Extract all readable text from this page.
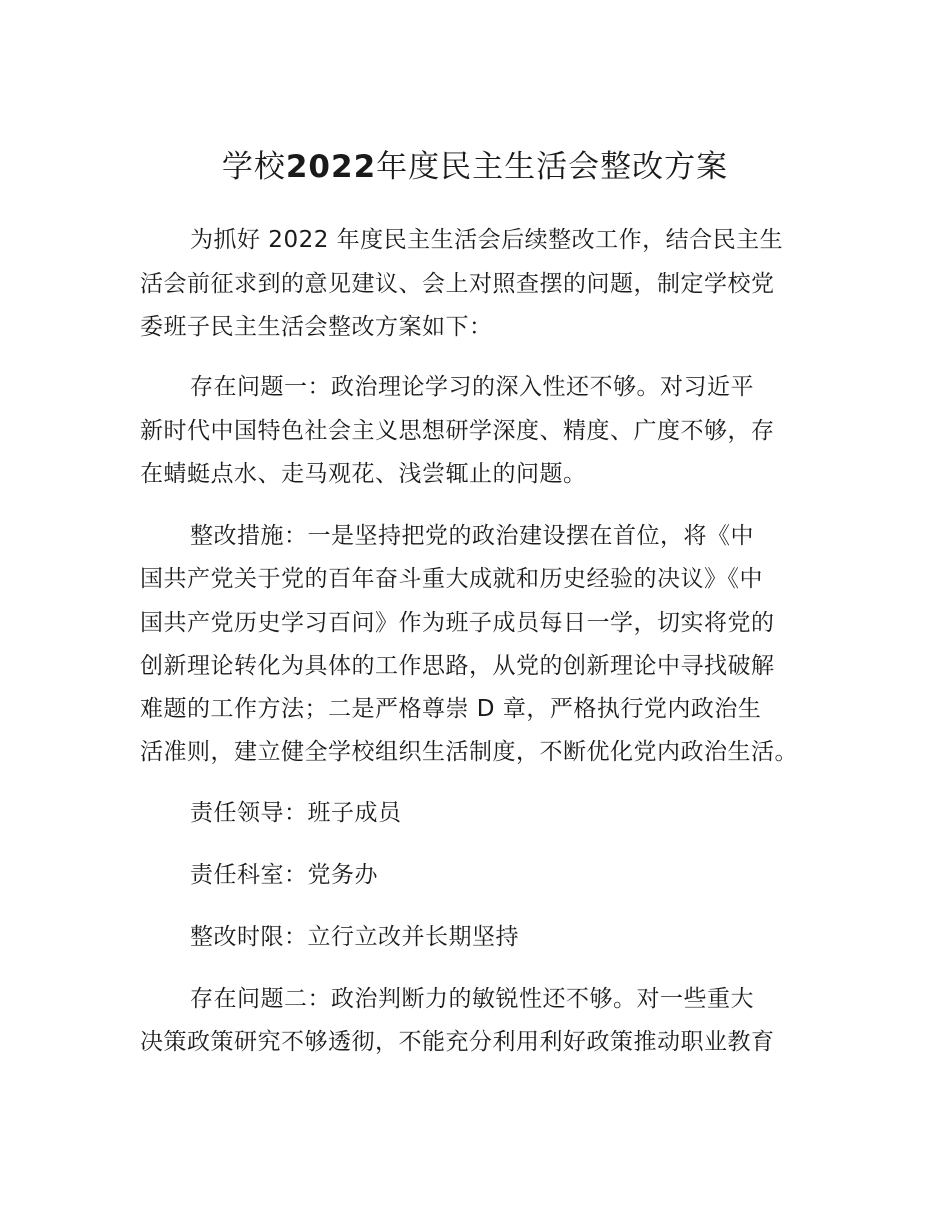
学校2022年度民主生活会整改方案
为抓好 2022 年度民主生活会后续整改工作，结合民主生
活会前征求到的意见建议、会上对照查摆的问题，制定学校党
委班子民主生活会整改方案如下：
存在问题一：政治理论学习的深入性还不够。对习近平
新时代中国特色社会主义思想研学深度、精度、广度不够，存
在蜻蜓点水、走马观花、浅尝辄止的问题。
整改措施：一是坚持把党的政治建设摆在首位，将《中
国共产党关于党的百年奋斗重大成就和历史经验的决议》《中
国共产党历史学习百问》作为班子成员每日一学，切实将党的
创新理论转化为具体的工作思路，从党的创新理论中寻找破解
难题的工作方法；二是严格尊崇 D 章，严格执行党内政治生
活准则，建立健全学校组织生活制度，不断优化党内政治生活。
责任领导：班子成员
责任科室：党务办
整改时限：立行立改并长期坚持
存在问题二：政治判断力的敏锐性还不够。对一些重大
决策政策研究不够透彻，不能充分利用利好政策推动职业教育
